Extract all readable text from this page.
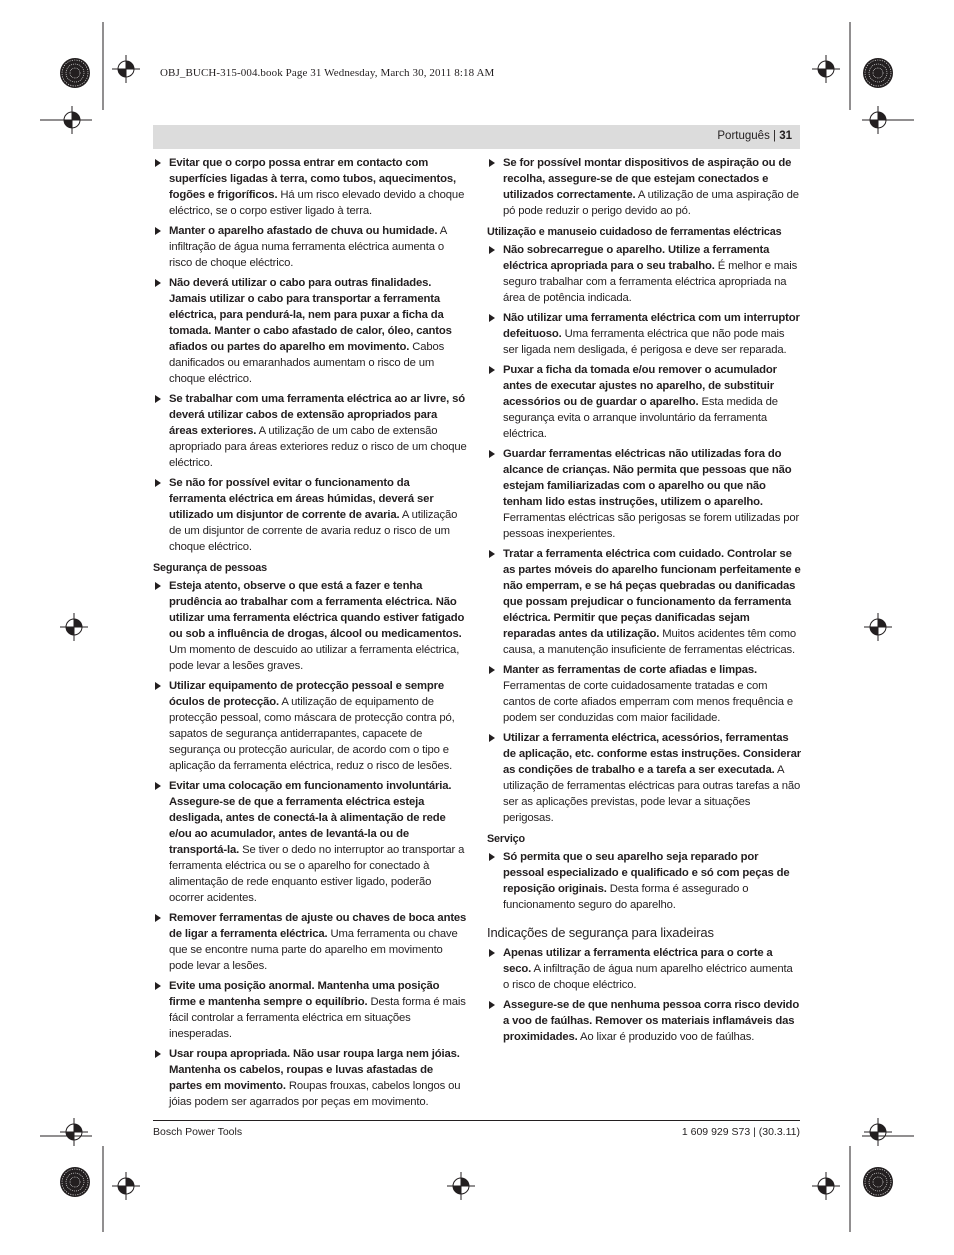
OBJ_BUCH-315-004.book Page 31 Wednesday, March 30, 2011 8:18 AM
Português | 31
Evitar que o corpo possa entrar em contacto com superfícies ligadas à terra, como tubos, aquecimentos, fogões e frigoríficos. Há um risco elevado devido a choque eléctrico, se o corpo estiver ligado à terra.
Manter o aparelho afastado de chuva ou humidade. A infiltração de água numa ferramenta eléctrica aumenta o risco de choque eléctrico.
Não deverá utilizar o cabo para outras finalidades. Jamais utilizar o cabo para transportar a ferramenta eléctrica, para pendurá-la, nem para puxar a ficha da tomada. Manter o cabo afastado de calor, óleo, cantos afiados ou partes do aparelho em movimento. Cabos danificados ou emaranhados aumentam o risco de um choque eléctrico.
Se trabalhar com uma ferramenta eléctrica ao ar livre, só deverá utilizar cabos de extensão apropriados para áreas exteriores. A utilização de um cabo de extensão apropriado para áreas exteriores reduz o risco de um choque eléctrico.
Se não for possível evitar o funcionamento da ferramenta eléctrica em áreas húmidas, deverá ser utilizado um disjuntor de corrente de avaria. A utilização de um disjuntor de corrente de avaria reduz o risco de um choque eléctrico.
Segurança de pessoas
Esteja atento, observe o que está a fazer e tenha prudência ao trabalhar com a ferramenta eléctrica. Não utilizar uma ferramenta eléctrica quando estiver fatigado ou sob a influência de drogas, álcool ou medicamentos. Um momento de descuido ao utilizar a ferramenta eléctrica, pode levar a lesões graves.
Utilizar equipamento de protecção pessoal e sempre óculos de protecção. A utilização de equipamento de protecção pessoal, como máscara de protecção contra pó, sapatos de segurança antiderrapantes, capacete de segurança ou protecção auricular, de acordo com o tipo e aplicação da ferramenta eléctrica, reduz o risco de lesões.
Evitar uma colocação em funcionamento involuntária. Assegure-se de que a ferramenta eléctrica esteja desligada, antes de conectá-la à alimentação de rede e/ou ao acumulador, antes de levantá-la ou de transportá-la. Se tiver o dedo no interruptor ao transportar a ferramenta eléctrica ou se o aparelho for conectado à alimentação de rede enquanto estiver ligado, poderão ocorrer acidentes.
Remover ferramentas de ajuste ou chaves de boca antes de ligar a ferramenta eléctrica. Uma ferramenta ou chave que se encontre numa parte do aparelho em movimento pode levar a lesões.
Evite uma posição anormal. Mantenha uma posição firme e mantenha sempre o equilíbrio. Desta forma é mais fácil controlar a ferramenta eléctrica em situações inesperadas.
Usar roupa apropriada. Não usar roupa larga nem jóias. Mantenha os cabelos, roupas e luvas afastadas de partes em movimento. Roupas frouxas, cabelos longos ou jóias podem ser agarrados por peças em movimento.
Se for possível montar dispositivos de aspiração ou de recolha, assegure-se de que estejam conectados e utilizados correctamente. A utilização de uma aspiração de pó pode reduzir o perigo devido ao pó.
Utilização e manuseio cuidadoso de ferramentas eléctricas
Não sobrecarregue o aparelho. Utilize a ferramenta eléctrica apropriada para o seu trabalho. É melhor e mais seguro trabalhar com a ferramenta eléctrica apropriada na área de potência indicada.
Não utilizar uma ferramenta eléctrica com um interruptor defeituoso. Uma ferramenta eléctrica que não pode mais ser ligada nem desligada, é perigosa e deve ser reparada.
Puxar a ficha da tomada e/ou remover o acumulador antes de executar ajustes no aparelho, de substituir acessórios ou de guardar o aparelho. Esta medida de segurança evita o arranque involuntário da ferramenta eléctrica.
Guardar ferramentas eléctricas não utilizadas fora do alcance de crianças. Não permita que pessoas que não estejam familiarizadas com o aparelho ou que não tenham lido estas instruções, utilizem o aparelho. Ferramentas eléctricas são perigosas se forem utilizadas por pessoas inexperientes.
Tratar a ferramenta eléctrica com cuidado. Controlar se as partes móveis do aparelho funcionam perfeitamente e não emperram, e se há peças quebradas ou danificadas que possam prejudicar o funcionamento da ferramenta eléctrica. Permitir que peças danificadas sejam reparadas antes da utilização. Muitos acidentes têm como causa, a manutenção insuficiente de ferramentas eléctricas.
Manter as ferramentas de corte afiadas e limpas. Ferramentas de corte cuidadosamente tratadas e com cantos de corte afiados emperram com menos frequência e podem ser conduzidas com maior facilidade.
Utilizar a ferramenta eléctrica, acessórios, ferramentas de aplicação, etc. conforme estas instruções. Considerar as condições de trabalho e a tarefa a ser executada. A utilização de ferramentas eléctricas para outras tarefas a não ser as aplicações previstas, pode levar a situações perigosas.
Serviço
Só permita que o seu aparelho seja reparado por pessoal especializado e qualificado e só com peças de reposição originais. Desta forma é assegurado o funcionamento seguro do aparelho.
Indicações de segurança para lixadeiras
Apenas utilizar a ferramenta eléctrica para o corte a seco. A infiltração de água num aparelho eléctrico aumenta o risco de choque eléctrico.
Assegure-se de que nenhuma pessoa corra risco devido a voo de faúlhas. Remover os materiais inflamáveis das proximidades. Ao lixar é produzido voo de faúlhas.
Bosch Power Tools	1 609 929 S73 | (30.3.11)
